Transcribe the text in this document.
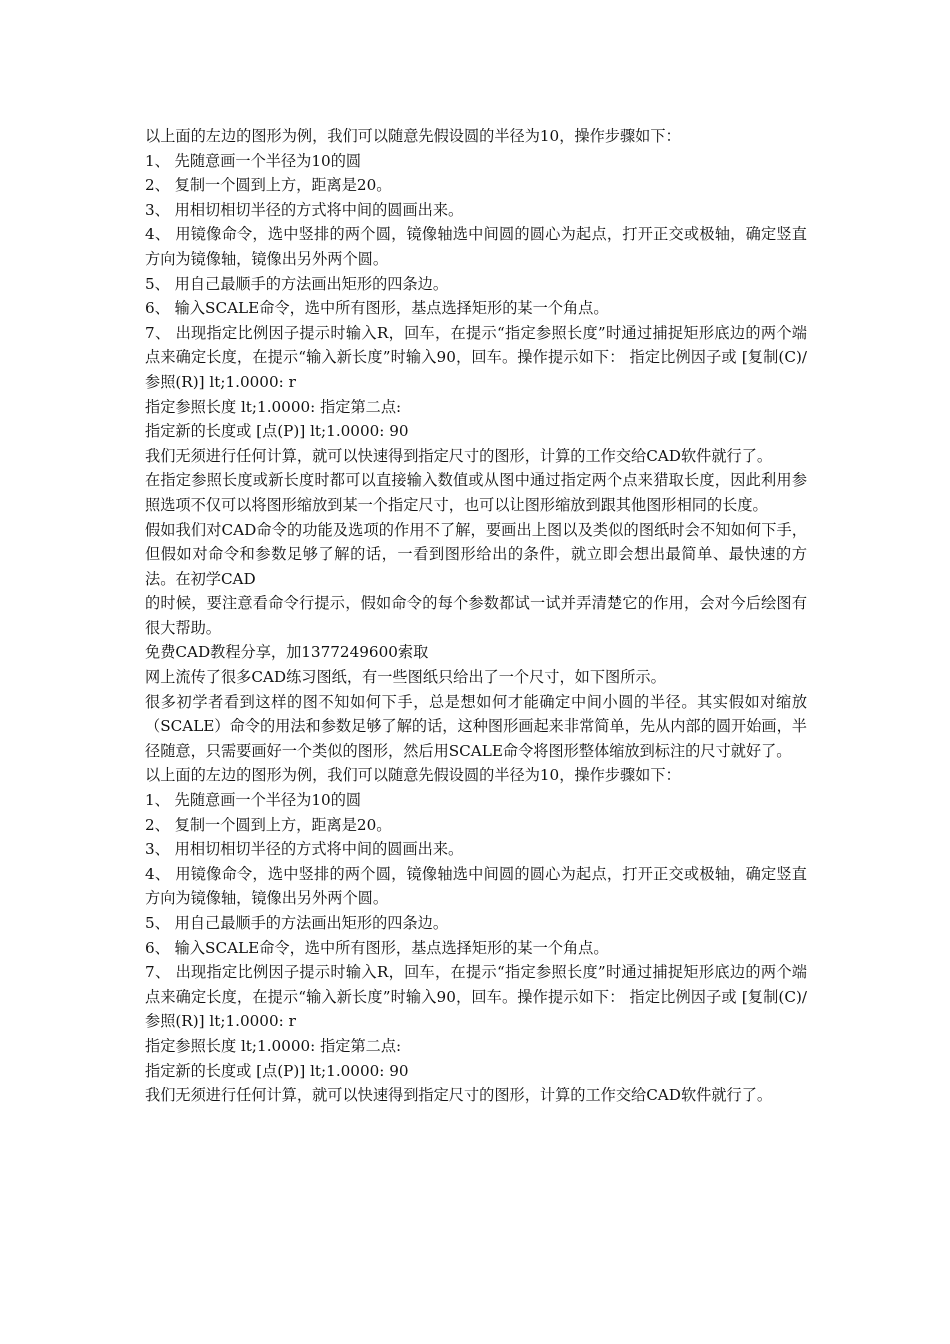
以上面的左边的图形为例，我们可以随意先假设圆的半径为10，操作步骤如下：

1、 先随意画一个半径为10的圆

2、 复制一个圆到上方，距离是20。

3、 用相切相切半径的方式将中间的圆画出来。

4、 用镜像命令，选中竖排的两个圆，镜像轴选中间圆的圆心为起点，打开正交或极轴，确定竖直方向为镜像轴，镜像出另外两个圆。

5、 用自己最顺手的方法画出矩形的四条边。

6、 输入SCALE命令，选中所有图形，基点选择矩形的某一个角点。

7、 出现指定比例因子提示时输入R，回车，在提示“指定参照长度”时通过捕捉矩形底边的两个端点来确定长度，在提示“输入新长度”时输入90，回车。操作提示如下： 指定比例因子或 [复制(C)/参照(R)] lt;1.0000: r

指定参照长度 lt;1.0000: 指定第二点:

指定新的长度或 [点(P)] lt;1.0000: 90

我们无须进行任何计算，就可以快速得到指定尺寸的图形，计算的工作交给CAD软件就行了。

在指定参照长度或新长度时都可以直接输入数值或从图中通过指定两个点来猎取长度，因此利用参照选项不仅可以将图形缩放到某一个指定尺寸，也可以让图形缩放到跟其他图形相同的长度。

假如我们对CAD命令的功能及选项的作用不了解，要画出上图以及类似的图纸时会不知如何下手，但假如对命令和参数足够了解的话，一看到图形给出的条件，就立即会想出最简单、最快速的方法。在初学CAD

的时候，要注意看命令行提示，假如命令的每个参数都试一试并弄清楚它的作用，会对今后绘图有很大帮助。

免费CAD教程分享，加1377249600索取

网上流传了很多CAD练习图纸，有一些图纸只给出了一个尺寸，如下图所示。

很多初学者看到这样的图不知如何下手，总是想如何才能确定中间小圆的半径。其实假如对缩放（SCALE）命令的用法和参数足够了解的话，这种图形画起来非常简单，先从内部的圆开始画，半径随意，只需要画好一个类似的图形，然后用SCALE命令将图形整体缩放到标注的尺寸就好了。

以上面的左边的图形为例，我们可以随意先假设圆的半径为10，操作步骤如下：

1、 先随意画一个半径为10的圆

2、 复制一个圆到上方，距离是20。

3、 用相切相切半径的方式将中间的圆画出来。

4、 用镜像命令，选中竖排的两个圆，镜像轴选中间圆的圆心为起点，打开正交或极轴，确定竖直方向为镜像轴，镜像出另外两个圆。

5、 用自己最顺手的方法画出矩形的四条边。

6、 输入SCALE命令，选中所有图形，基点选择矩形的某一个角点。

7、 出现指定比例因子提示时输入R，回车，在提示“指定参照长度”时通过捕捉矩形底边的两个端点来确定长度，在提示“输入新长度”时输入90，回车。操作提示如下： 指定比例因子或 [复制(C)/参照(R)] lt;1.0000: r

指定参照长度 lt;1.0000: 指定第二点:

指定新的长度或 [点(P)] lt;1.0000: 90

我们无须进行任何计算，就可以快速得到指定尺寸的图形，计算的工作交给CAD软件就行了。
